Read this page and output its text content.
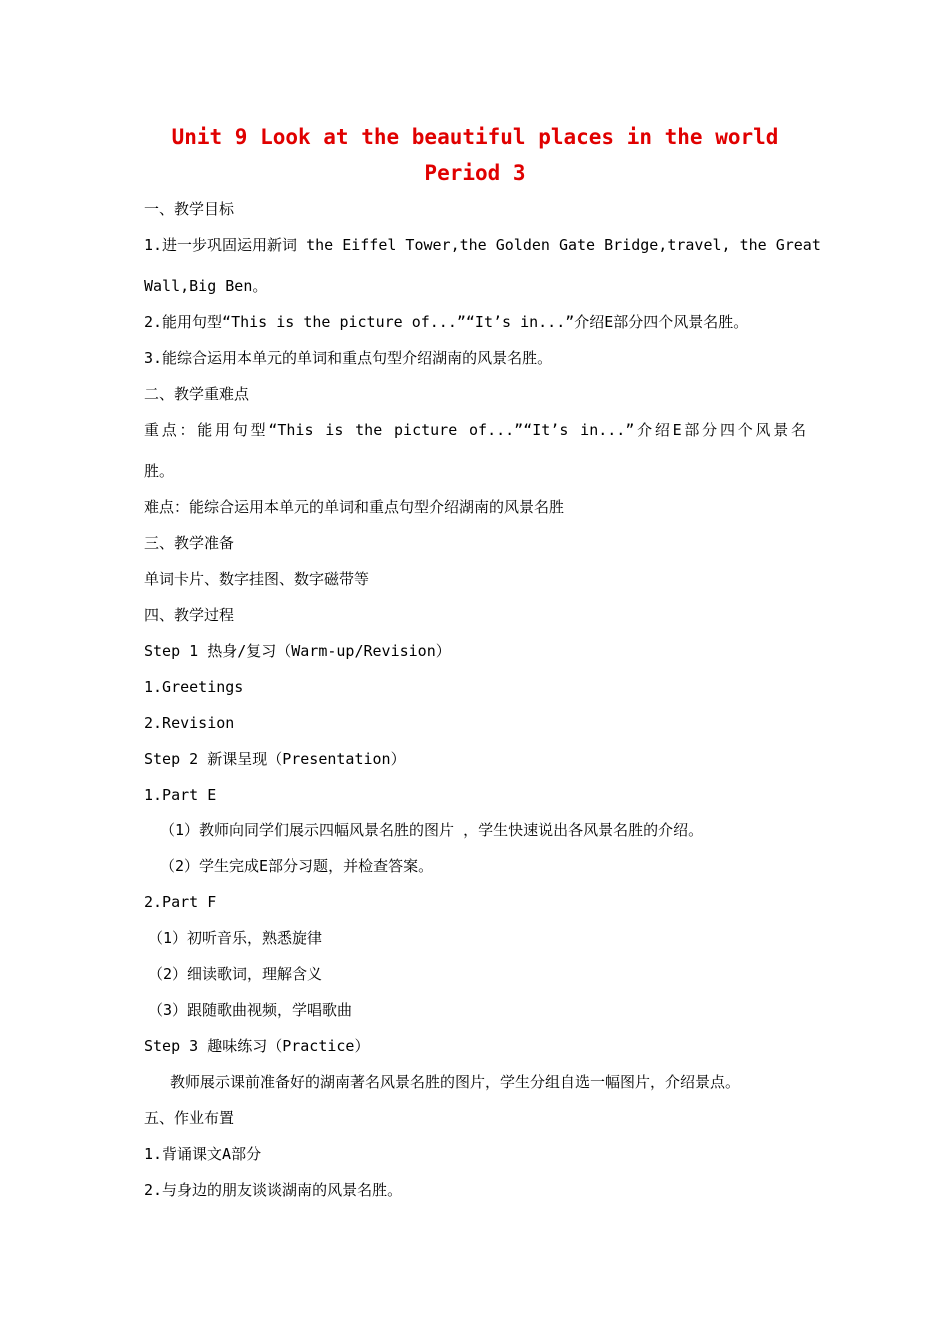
Unit 9 Look at the beautiful places in the world
Period 3
一、教学目标
1.进一步巩固运用新词 the Eiffel Tower,the Golden Gate Bridge,travel, the Great
Wall,Big Ben。
2.能用句型“This is the picture of...”“It’s in...”介绍E部分四个风景名胜。
3.能综合运用本单元的单词和重点句型介绍湖南的风景名胜。
二、教学重难点
重点：能用句型“This is the picture of...”“It’s in...”介绍E部分四个风景名
胜。
难点：能综合运用本单元的单词和重点句型介绍湖南的风景名胜
三、教学准备
单词卡片、数字挂图、数字磁带等
四、教学过程
Step 1 热身/复习（Warm-up/Revision）
1.Greetings
2.Revision
Step 2 新课呈现（Presentation）
1.Part E
（1）教师向同学们展示四幅风景名胜的图片 ，学生快速说出各风景名胜的介绍。
（2）学生完成E部分习题，并检查答案。
2.Part F
（1）初听音乐，熟悉旋律
（2）细读歌词，理解含义
（3）跟随歌曲视频，学唱歌曲
Step 3 趣味练习（Practice）
教师展示课前准备好的湖南著名风景名胜的图片，学生分组自选一幅图片，介绍景点。
五、作业布置
1.背诵课文A部分
2.与身边的朋友谈谈湖南的风景名胜。
